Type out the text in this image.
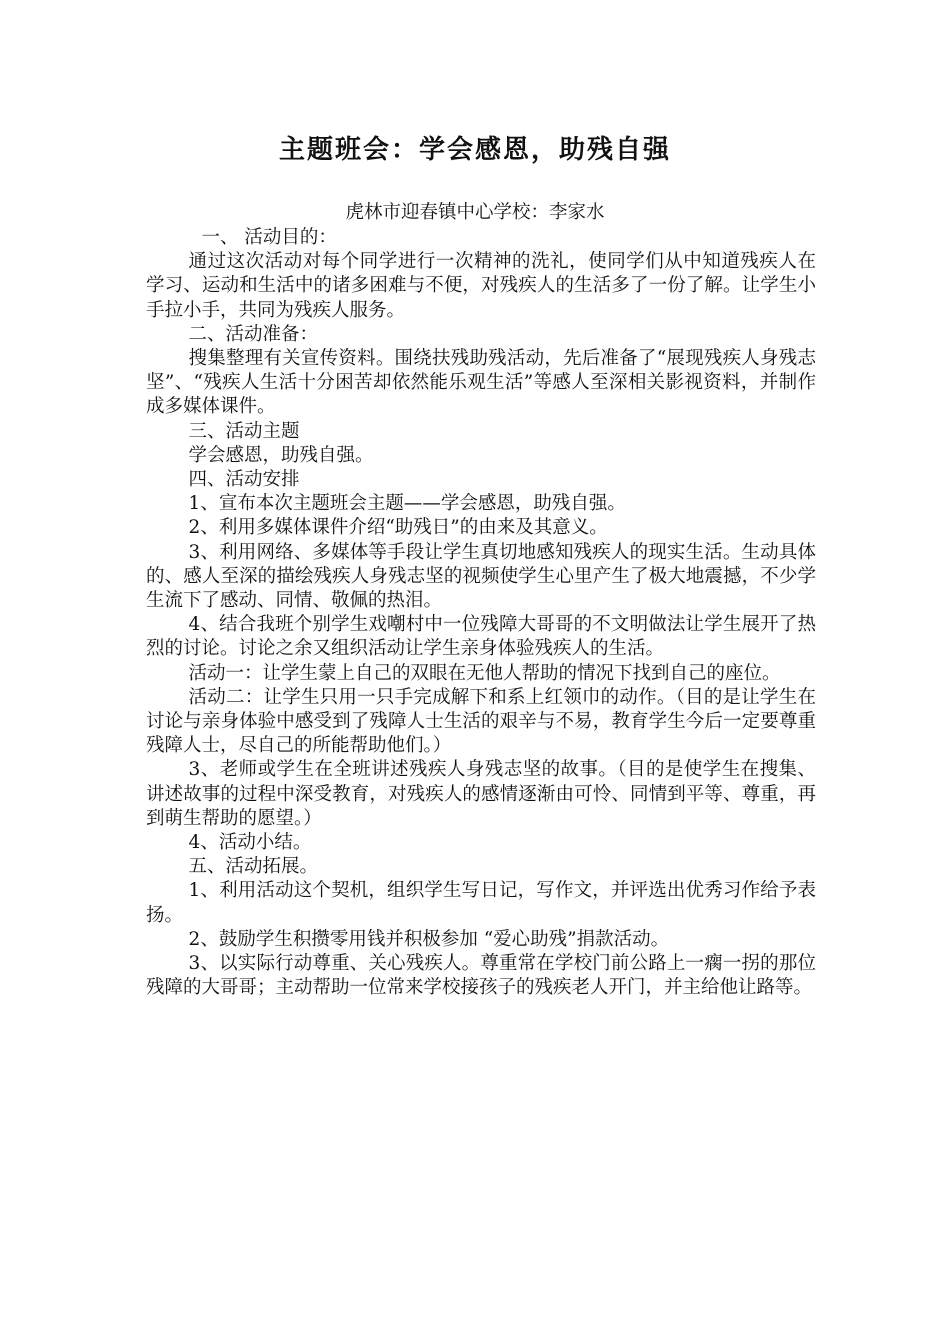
主题班会：学会感恩，助残自强
虎林市迎春镇中心学校：李家水

一、 活动目的：

通过这次活动对每个同学进行一次精神的洗礼，使同学们从中知道残疾人在学习、运动和生活中的诸多困难与不便，对残疾人的生活多了一份了解。让学生小手拉小手，共同为残疾人服务。

二、活动准备：

搜集整理有关宣传资料。围绕扶残助残活动，先后准备了“展现残疾人身残志坚”、“残疾人生活十分困苦却依然能乐观生活”等感人至深相关影视资料，并制作成多媒体课件。

三、活动主题

学会感恩，助残自强。

四、活动安排

1、宣布本次主题班会主题——学会感恩，助残自强。

2、利用多媒体课件介绍“助残日”的由来及其意义。

3、利用网络、多媒体等手段让学生真切地感知残疾人的现实生活。生动具体的、感人至深的描绘残疾人身残志坚的视频使学生心里产生了极大地震撼，不少学生流下了感动、同情、敬佩的热泪。

4、结合我班个别学生戏嘲村中一位残障大哥哥的不文明做法让学生展开了热烈的讨论。讨论之余又组织活动让学生亲身体验残疾人的生活。

活动一：让学生蒙上自己的双眼在无他人帮助的情况下找到自己的座位。

活动二：让学生只用一只手完成解下和系上红领巾的动作。（目的是让学生在讨论与亲身体验中感受到了残障人士生活的艰辛与不易，教育学生今后一定要尊重残障人士，尽自己的所能帮助他们。）

3、老师或学生在全班讲述残疾人身残志坚的故事。（目的是使学生在搜集、讲述故事的过程中深受教育，对残疾人的感情逐渐由可怜、同情到平等、尊重，再到萌生帮助的愿望。）

4、活动小结。

五、活动拓展。

1、利用活动这个契机，组织学生写日记，写作文，并评选出优秀习作给予表扬。

2、鼓励学生积攒零用钱并积极参加 “爱心助残”捐款活动。

3、以实际行动尊重、关心残疾人。尊重常在学校门前公路上一瘸一拐的那位残障的大哥哥；主动帮助一位常来学校接孩子的残疾老人开门，并主给他让路等。
